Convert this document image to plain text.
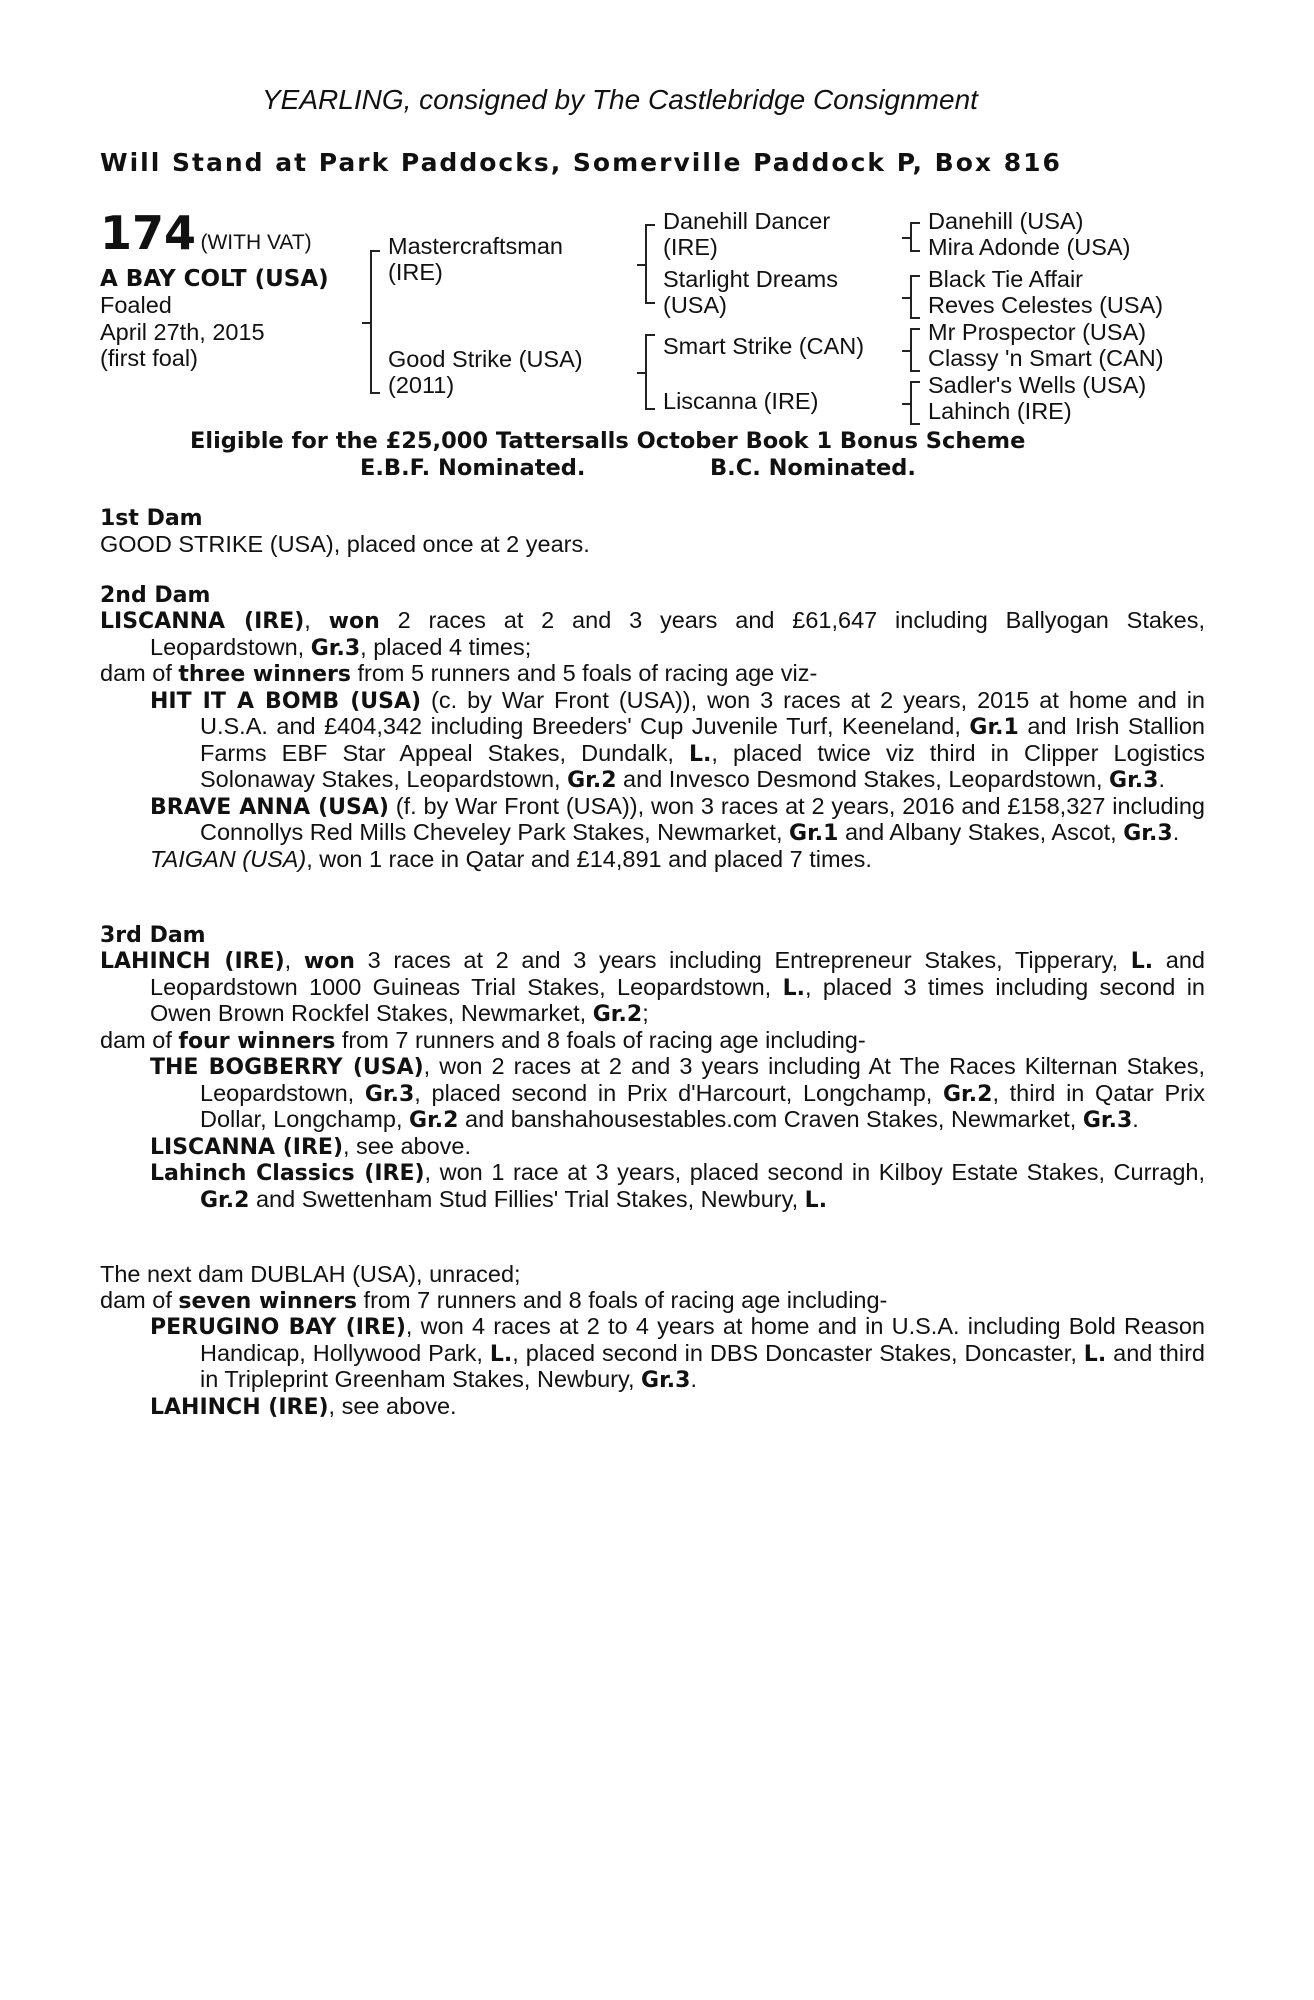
YEARLING, consigned by The Castlebridge Consignment
Will Stand at Park Paddocks, Somerville Paddock P, Box 816
174 (WITH VAT)
A BAY COLT (USA)
Foaled
April 27th, 2015
(first foal)
Mastercraftsman
(IRE)
Good Strike (USA)
(2011)
Danehill Dancer
(IRE)
Starlight Dreams
(USA)
Smart Strike (CAN)
Liscanna (IRE)
Danehill (USA)
Mira Adonde (USA)
Black Tie Affair
Reves Celestes (USA)
Mr Prospector (USA)
Classy 'n Smart (CAN)
Sadler's Wells (USA)
Lahinch (IRE)
Eligible for the £25,000 Tattersalls October Book 1 Bonus Scheme
E.B.F. Nominated.	B.C. Nominated.
1st Dam
GOOD STRIKE (USA), placed once at 2 years.
2nd Dam

LISCANNA (IRE), won 2 races at 2 and 3 years and £61,647 including Ballyogan Stakes, Leopardstown, Gr.3, placed 4 times;

dam of three winners from 5 runners and 5 foals of racing age viz-

HIT IT A BOMB (USA) (c. by War Front (USA)), won 3 races at 2 years, 2015 at home and in U.S.A. and £404,342 including Breeders' Cup Juvenile Turf, Keeneland, Gr.1 and Irish Stallion Farms EBF Star Appeal Stakes, Dundalk, L., placed twice viz third in Clipper Logistics Solonaway Stakes, Leopardstown, Gr.2 and Invesco Desmond Stakes, Leopardstown, Gr.3.

BRAVE ANNA (USA) (f. by War Front (USA)), won 3 races at 2 years, 2016 and £158,327 including Connollys Red Mills Cheveley Park Stakes, Newmarket, Gr.1 and Albany Stakes, Ascot, Gr.3.

TAIGAN (USA), won 1 race in Qatar and £14,891 and placed 7 times.

3rd Dam

LAHINCH (IRE), won 3 races at 2 and 3 years including Entrepreneur Stakes, Tipperary, L. and Leopardstown 1000 Guineas Trial Stakes, Leopardstown, L., placed 3 times including second in Owen Brown Rockfel Stakes, Newmarket, Gr.2;

dam of four winners from 7 runners and 8 foals of racing age including-

THE BOGBERRY (USA), won 2 races at 2 and 3 years including At The Races Kilternan Stakes, Leopardstown, Gr.3, placed second in Prix d'Harcourt, Longchamp, Gr.2, third in Qatar Prix Dollar, Longchamp, Gr.2 and banshahousestables.com Craven Stakes, Newmarket, Gr.3.

LISCANNA (IRE), see above.

Lahinch Classics (IRE), won 1 race at 3 years, placed second in Kilboy Estate Stakes, Curragh, Gr.2 and Swettenham Stud Fillies' Trial Stakes, Newbury, L.

The next dam DUBLAH (USA), unraced;

dam of seven winners from 7 runners and 8 foals of racing age including-

PERUGINO BAY (IRE), won 4 races at 2 to 4 years at home and in U.S.A. including Bold Reason Handicap, Hollywood Park, L., placed second in DBS Doncaster Stakes, Doncaster, L. and third in Tripleprint Greenham Stakes, Newbury, Gr.3.

LAHINCH (IRE), see above.
